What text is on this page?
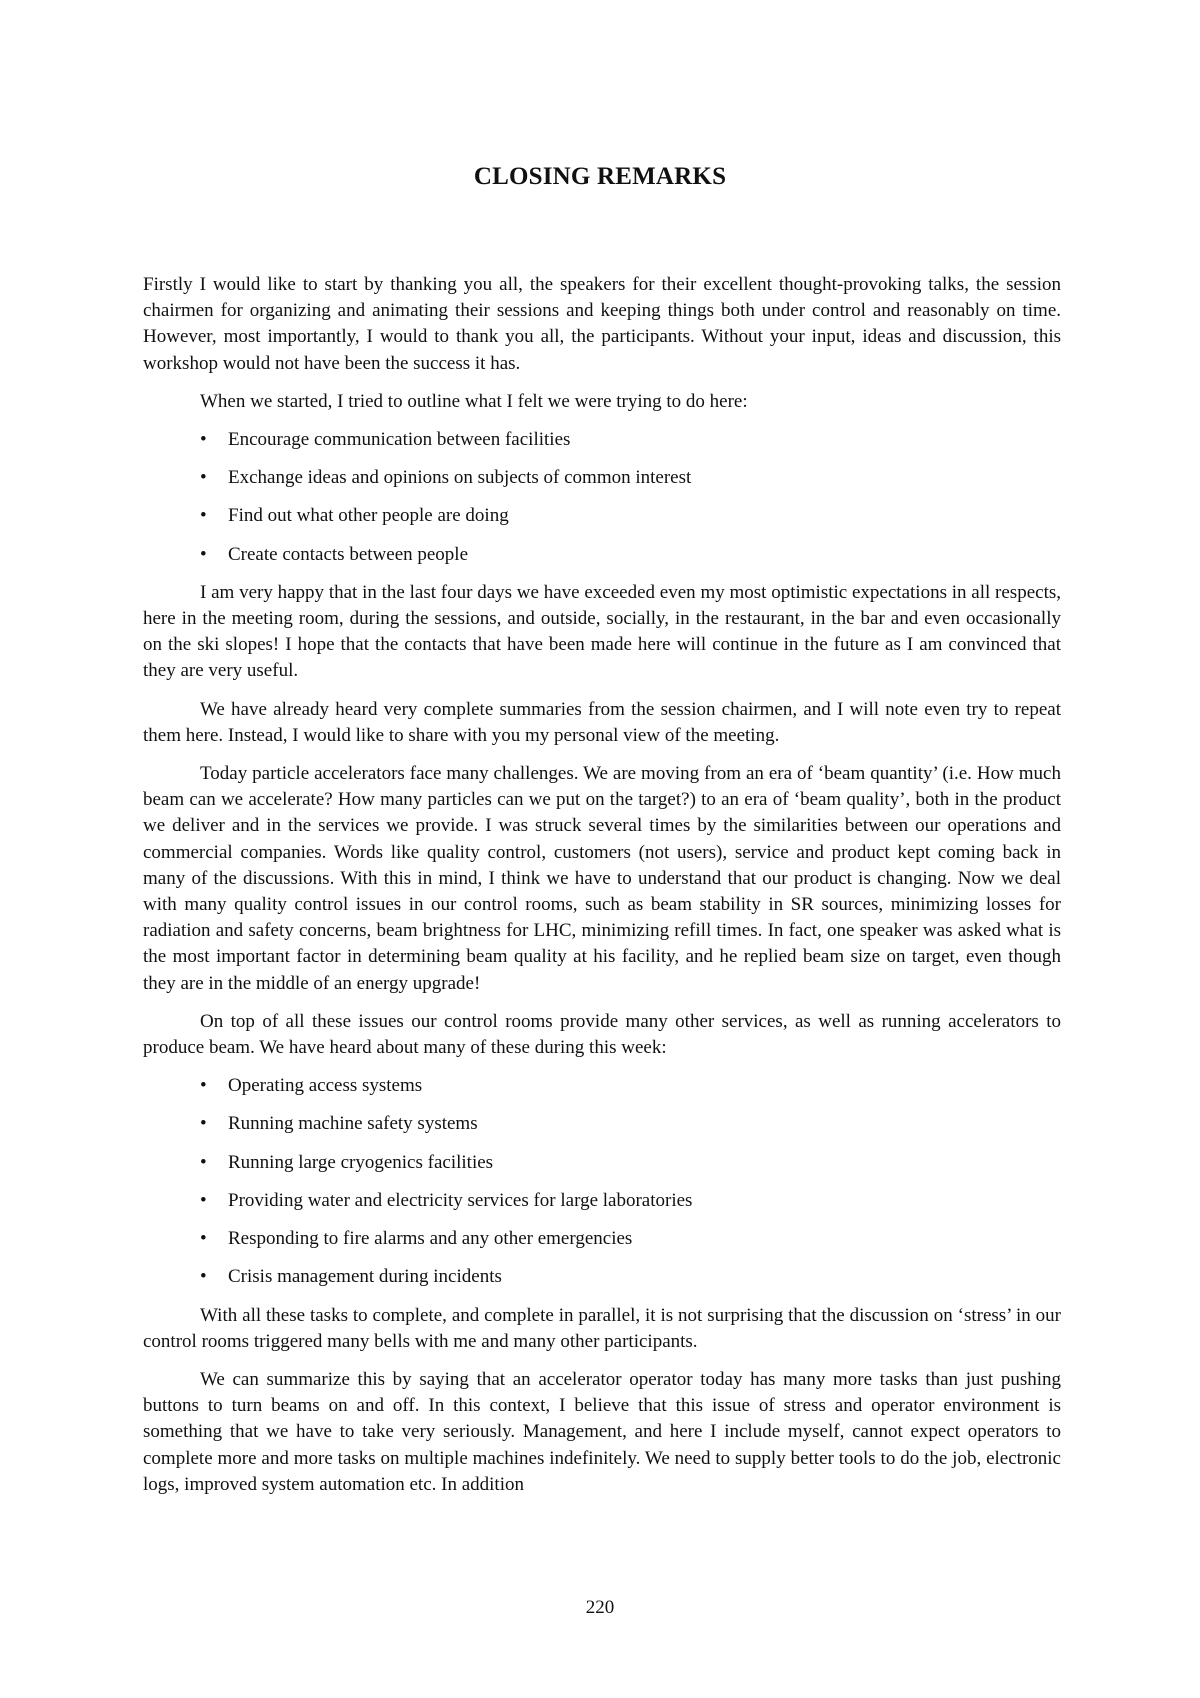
CLOSING REMARKS

Firstly I would like to start by thanking you all, the speakers for their excellent thought-provoking talks, the session chairmen for organizing and animating their sessions and keeping things both under control and reasonably on time. However, most importantly, I would to thank you all, the participants. Without your input, ideas and discussion, this workshop would not have been the success it has.

When we started, I tried to outline what I felt we were trying to do here:

• Encourage communication between facilities
• Exchange ideas and opinions on subjects of common interest
• Find out what other people are doing
• Create contacts between people

I am very happy that in the last four days we have exceeded even my most optimistic expectations in all respects, here in the meeting room, during the sessions, and outside, socially, in the restaurant, in the bar and even occasionally on the ski slopes! I hope that the contacts that have been made here will continue in the future as I am convinced that they are very useful.

We have already heard very complete summaries from the session chairmen, and I will note even try to repeat them here. Instead, I would like to share with you my personal view of the meeting.

Today particle accelerators face many challenges. We are moving from an era of ‘beam quantity’ (i.e. How much beam can we accelerate? How many particles can we put on the target?) to an era of ‘beam quality’, both in the product we deliver and in the services we provide. I was struck several times by the similarities between our operations and commercial companies. Words like quality control, customers (not users), service and product kept coming back in many of the discussions. With this in mind, I think we have to understand that our product is changing. Now we deal with many quality control issues in our control rooms, such as beam stability in SR sources, minimizing losses for radiation and safety concerns, beam brightness for LHC, minimizing refill times. In fact, one speaker was asked what is the most important factor in determining beam quality at his facility, and he replied beam size on target, even though they are in the middle of an energy upgrade!

On top of all these issues our control rooms provide many other services, as well as running accelerators to produce beam. We have heard about many of these during this week:

• Operating access systems
• Running machine safety systems
• Running large cryogenics facilities
• Providing water and electricity services for large laboratories
• Responding to fire alarms and any other emergencies
• Crisis management during incidents

With all these tasks to complete, and complete in parallel, it is not surprising that the discussion on ‘stress’ in our control rooms triggered many bells with me and many other participants.

We can summarize this by saying that an accelerator operator today has many more tasks than just pushing buttons to turn beams on and off. In this context, I believe that this issue of stress and operator environment is something that we have to take very seriously. Management, and here I include myself, cannot expect operators to complete more and more tasks on multiple machines indefinitely. We need to supply better tools to do the job, electronic logs, improved system automation etc. In addition

220
